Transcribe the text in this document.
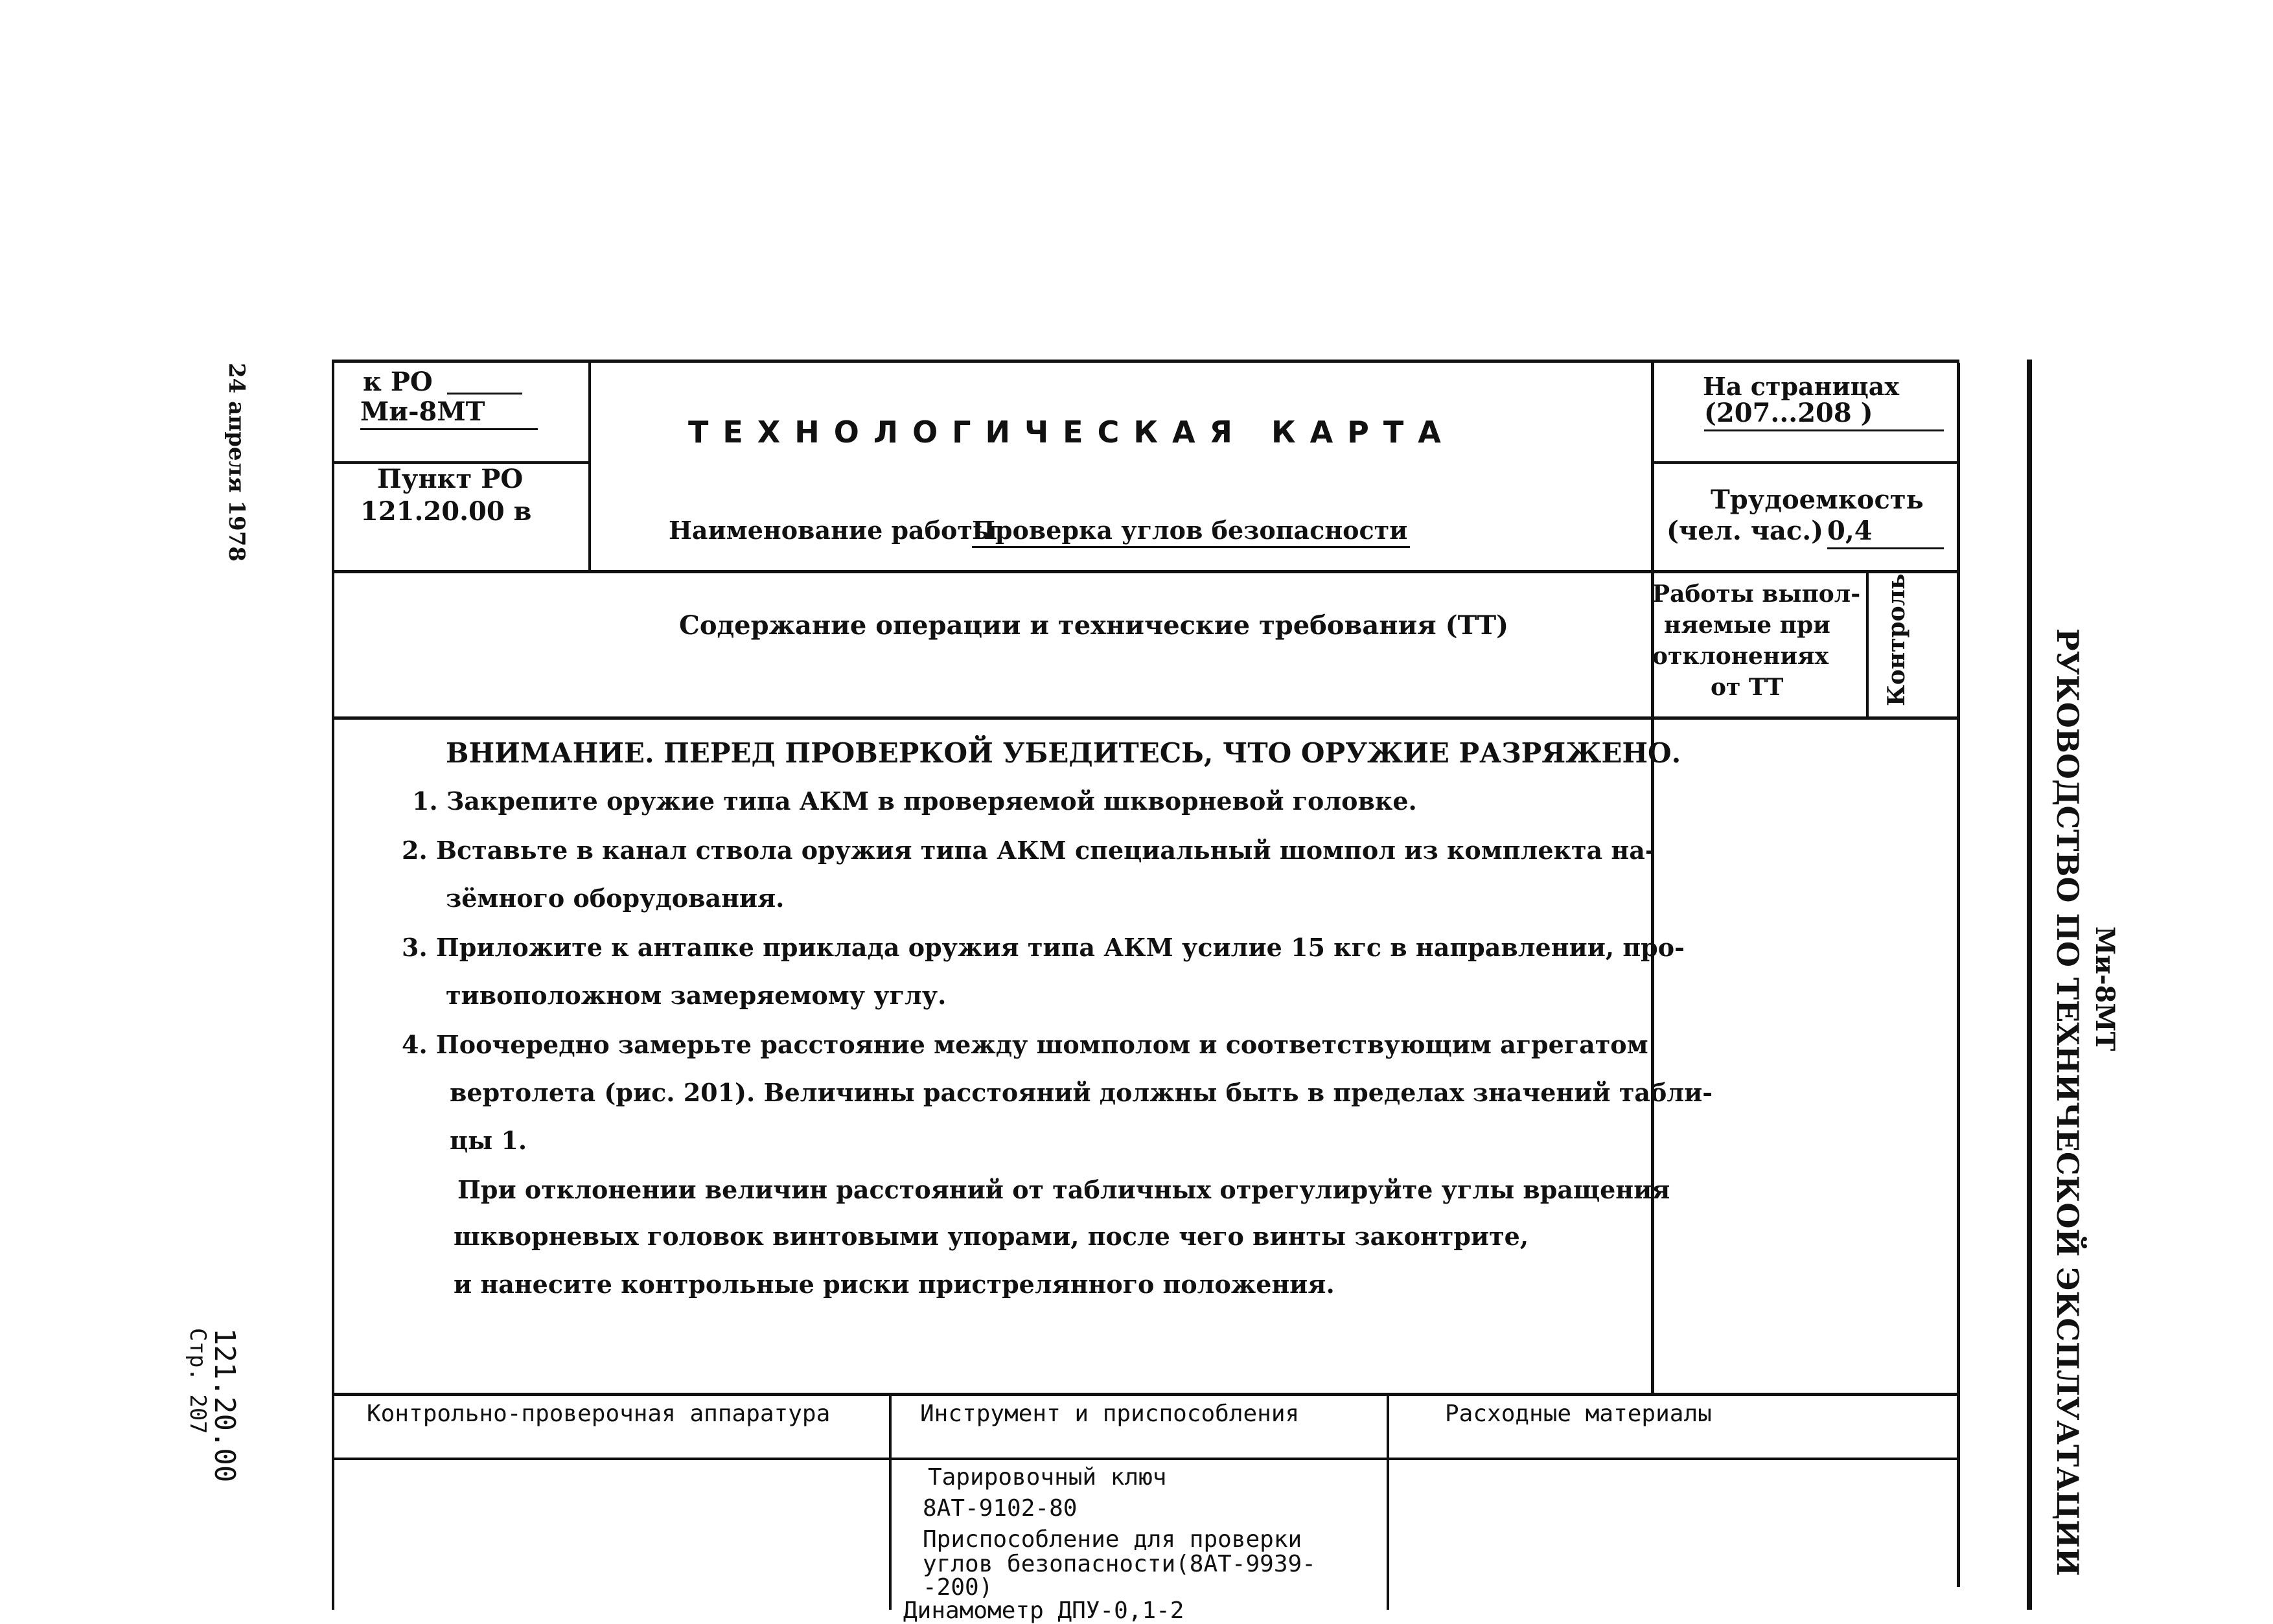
24 апреля 1978
121.20.00
Стр. 207	РУКОВОДСТВО ПО ТЕХНИЧЕСКОЙ ЭКСПЛУАТАЦИИ Ми-8МТ
к РО
Ми-8МТ
ТЕХНОЛОГИЧЕСКАЯ КАРТА
На страницах
(207...208 )
Пункт РО
121.20.00 в
Наименование работы
Проверка углов безопасности
Трудоемкость
(чел. час.) 0,4
Содержание операции и технические требования (ТТ)
Работы выпол-
няемые при
отклонениях
от ТТ	Контроль
ВНИМАНИЕ. ПЕРЕД ПРОВЕРКОЙ УБЕДИТЕСЬ, ЧТО ОРУЖИЕ РАЗРЯЖЕНО.
1. Закрепите оружие типа АКМ в проверяемой шкворневой головке.
2. Вставьте в канал ствола оружия типа АКМ специальный шомпол из комплекта на-
зёмного оборудования.
3. Приложите к антапке приклада оружия типа АКМ усилие 15 кгс в направлении, про-
тивоположном замеряемому углу.
4. Поочередно замерьте расстояние между шомполом и соответствующим агрегатом
вертолета (рис. 201). Величины расстояний должны быть в пределах значений табли-
цы 1.
При отклонении величин расстояний от табличных отрегулируйте углы вращения
шкворневых головок винтовыми упорами, после чего винты законтрите,
и нанесите контрольные риски пристрелянного положения.
Контрольно-проверочная аппаратура	Инструмент и приспособления	Расходные материалы
Тарировочный ключ
8АТ-9102-80
Приспособление для проверки
углов безопасности(8АТ-9939-
-200)
Динамометр ДПУ-0,1-2
